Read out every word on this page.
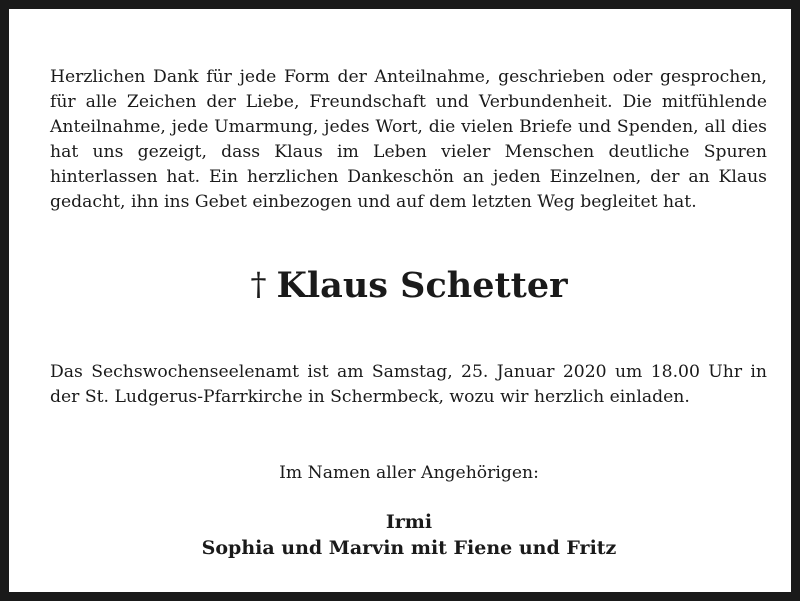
Herzlichen Dank für jede Form der Anteilnahme, geschrieben oder gesprochen, für alle Zeichen der Liebe, Freundschaft und Verbundenheit. Die mitfühlende Anteilnahme, jede Umarmung, jedes Wort, die vielen Briefe und Spenden, all dies hat uns gezeigt, dass Klaus im Leben vieler Menschen deutliche Spuren hinterlassen hat. Ein herzlichen Dankeschön an jeden Einzelnen, der an Klaus gedacht, ihn ins Gebet einbezogen und auf dem letzten Weg begleitet hat.

† Klaus Schetter

Das Sechswochenseelenamt ist am Samstag, 25. Januar 2020 um 18.00 Uhr in der St. Ludgerus-Pfarrkirche in Schermbeck, wozu wir herzlich einladen.

Im Namen aller Angehörigen:
Irmi
Sophia und Marvin mit Fiene und Fritz
